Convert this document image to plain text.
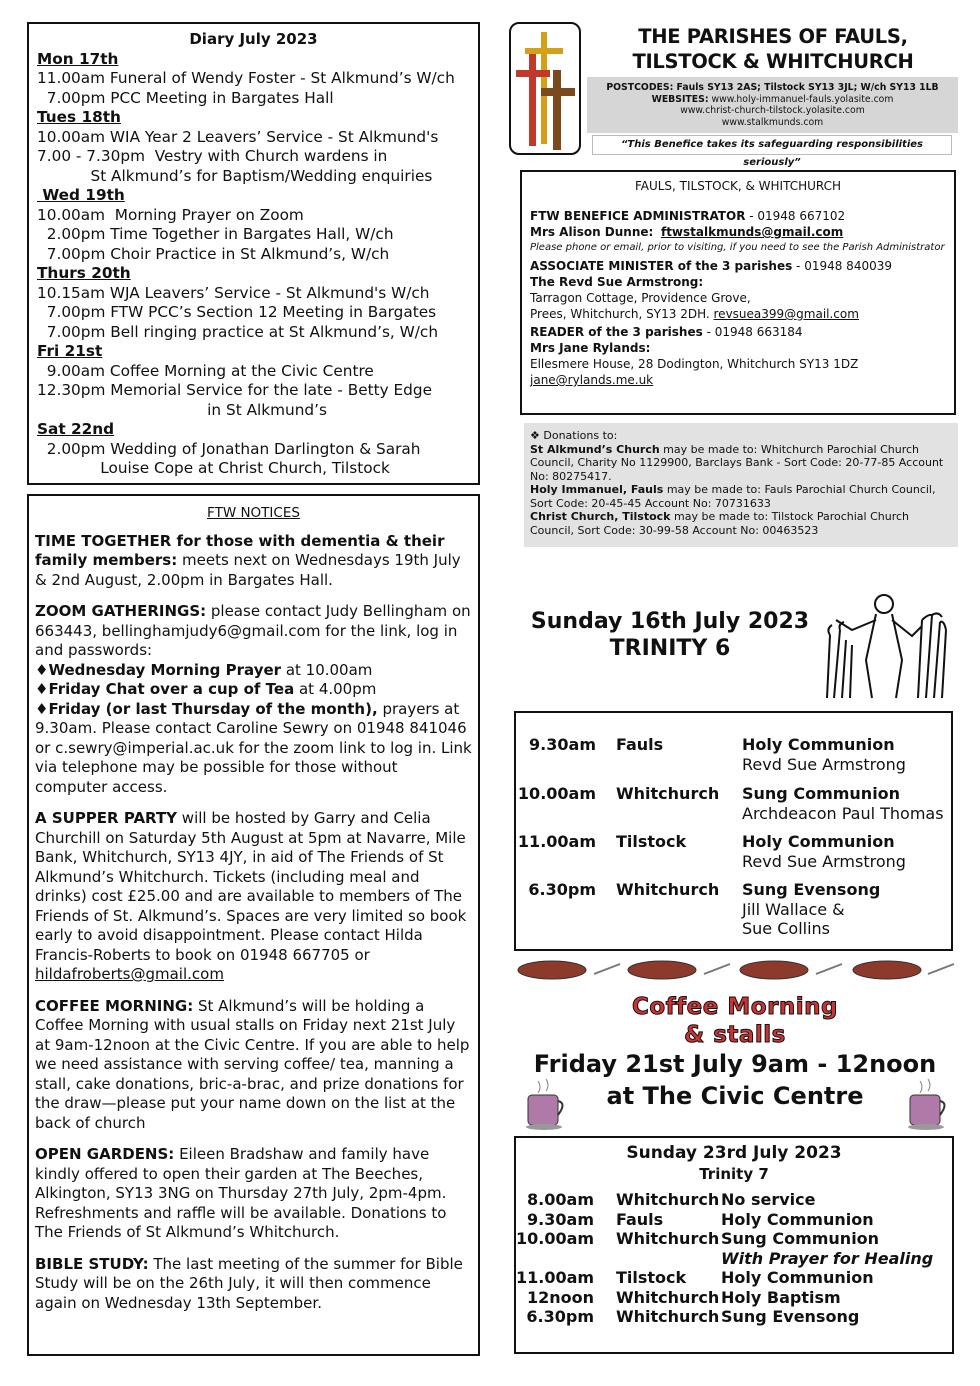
Diary July 2023
Mon 17th
11.00am Funeral of Wendy Foster - St Alkmund’s W/ch
7.00pm PCC Meeting in Bargates Hall
Tues 18th
10.00am WIA Year 2 Leavers’ Service - St Alkmund's
7.00 - 7.30pm  Vestry with Church wardens in
St Alkmund’s for Baptism/Wedding enquiries
Wed 19th
10.00am  Morning Prayer on Zoom
2.00pm Time Together in Bargates Hall, W/ch
7.00pm Choir Practice in St Alkmund’s, W/ch
Thurs 20th
10.15am WJA Leavers’ Service - St Alkmund's W/ch
7.00pm FTW PCC’s Section 12 Meeting in Bargates
7.00pm Bell ringing practice at St Alkmund’s, W/ch
Fri 21st
9.00am Coffee Morning at the Civic Centre
12.30pm Memorial Service for the late - Betty Edge
in St Alkmund’s
Sat 22nd
2.00pm Wedding of Jonathan Darlington & Sarah
Louise Cope at Christ Church, Tilstock
FTW NOTICES

TIME TOGETHER for those with dementia & their family members: meets next on Wednesdays 19th July & 2nd August, 2.00pm in Bargates Hall.

ZOOM GATHERINGS: please contact Judy Bellingham on 663443, bellinghamjudy6@gmail.com for the link, log in and passwords:

♦Wednesday Morning Prayer at 10.00am
♦Friday Chat over a cup of Tea at 4.00pm

♦Friday (or last Thursday of the month), prayers at 9.30am. Please contact Caroline Sewry on 01948 841046 or c.sewry@imperial.ac.uk for the zoom link to log in. Link via telephone may be possible for those without computer access.

A SUPPER PARTY will be hosted by Garry and Celia Churchill on Saturday 5th August at 5pm at Navarre, Mile Bank, Whitchurch, SY13 4JY, in aid of The Friends of St Alkmund’s Whitchurch. Tickets (including meal and drinks) cost £25.00 and are available to members of The Friends of St. Alkmund’s. Spaces are very limited so book early to avoid disappointment. Please contact Hilda Francis-Roberts to book on 01948 667705 or hildafroberts@gmail.com

COFFEE MORNING: St Alkmund’s will be holding a Coffee Morning with usual stalls on Friday next 21st July at 9am-12noon at the Civic Centre. If you are able to help we need assistance with serving coffee/ tea, manning a stall, cake donations, bric-a-brac, and prize donations for the draw—please put your name down on the list at the back of church

OPEN GARDENS: Eileen Bradshaw and family have kindly offered to open their garden at The Beeches, Alkington, SY13 3NG on Thursday 27th July, 2pm-4pm. Refreshments and raffle will be available. Donations to The Friends of St Alkmund’s Whitchurch.

BIBLE STUDY: The last meeting of the summer for Bible Study will be on the 26th July, it will then commence again on Wednesday 13th September.

THE PARISHES OF FAULS,
TILSTOCK & WHITCHURCH
POSTCODES: Fauls SY13 2AS; Tilstock SY13 3JL; W/ch SY13 1LB
WEBSITES: www.holy-immanuel-fauls.yolasite.com
www.christ-church-tilstock.yolasite.com
www.stalkmunds.com
“This Benefice takes its safeguarding responsibilities seriously”
FAULS, TILSTOCK, & WHITCHURCH
FTW BENEFICE ADMINISTRATOR - 01948 667102
Mrs Alison Dunne: ftwstalkmunds@gmail.com
Please phone or email, prior to visiting, if you need to see the Parish Administrator
ASSOCIATE MINISTER of the 3 parishes - 01948 840039
The Revd Sue Armstrong:
Tarragon Cottage, Providence Grove,
Prees, Whitchurch, SY13 2DH. revsuea399@gmail.com
READER of the 3 parishes - 01948 663184
Mrs Jane Rylands:
Ellesmere House, 28 Dodington, Whitchurch SY13 1DZ
jane@rylands.me.uk
❖ Donations to:
St Alkmund’s Church may be made to: Whitchurch Parochial Church Council, Charity No 1129900, Barclays Bank - Sort Code: 20-77-85 Account No: 80275417.
Holy Immanuel, Fauls may be made to: Fauls Parochial Church Council, Sort Code: 20-45-45 Account No: 70731633
Christ Church, Tilstock may be made to: Tilstock Parochial Church Council, Sort Code: 30-99-58 Account No: 00463523
Sunday 16th July 2023
TRINITY 6
9.30am Fauls	Holy Communion
Revd Sue Armstrong
10.00am Whitchurch Sung Communion
Archdeacon Paul Thomas
11.00am Tilstock	Holy Communion
Revd Sue Armstrong
6.30pm Whitchurch Sung Evensong
Jill Wallace &
Sue Collins
Coffee Morning
& stalls
Friday 21st July 9am - 12noon
at The Civic Centre
Sunday 23rd July 2023
Trinity 7
8.00am Whitchurch No service
9.30am Fauls	Holy Communion
10.00am Whitchurch Sung Communion
With Prayer for Healing
11.00am Tilstock Holy Communion
12noon Whitchurch Holy Baptism
6.30pm Whitchurch Sung Evensong
